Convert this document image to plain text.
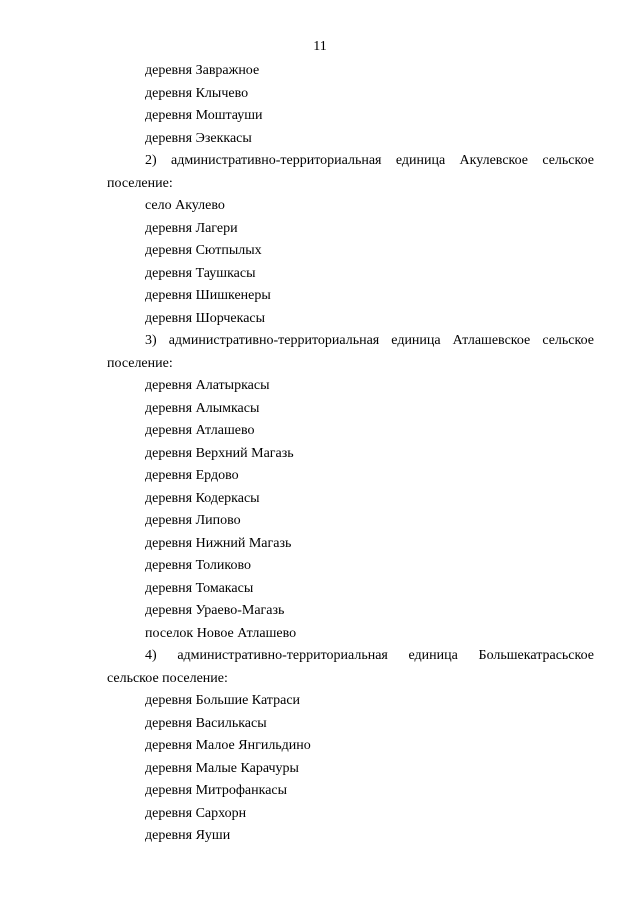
11
деревня Завражное
деревня Клычево
деревня Моштауши
деревня Эзеккасы
2) административно-территориальная единица Акулевское сельское поселение:
село Акулево
деревня Лагери
деревня Сютпылых
деревня Таушкасы
деревня Шишкенеры
деревня Шорчекасы
3) административно-территориальная единица Атлашевское сельское поселение:
деревня Алатыркасы
деревня Алымкасы
деревня Атлашево
деревня Верхний Магазь
деревня Ердово
деревня Кодеркасы
деревня Липово
деревня Нижний Магазь
деревня Толиково
деревня Томакасы
деревня Ураево-Магазь
поселок Новое Атлашево
4) административно-территориальная единица Большекатрасьское сельское поселение:
деревня Большие Катраси
деревня Василькасы
деревня Малое Янгильдино
деревня Малые Карачуры
деревня Митрофанкасы
деревня Сархорн
деревня Яуши
